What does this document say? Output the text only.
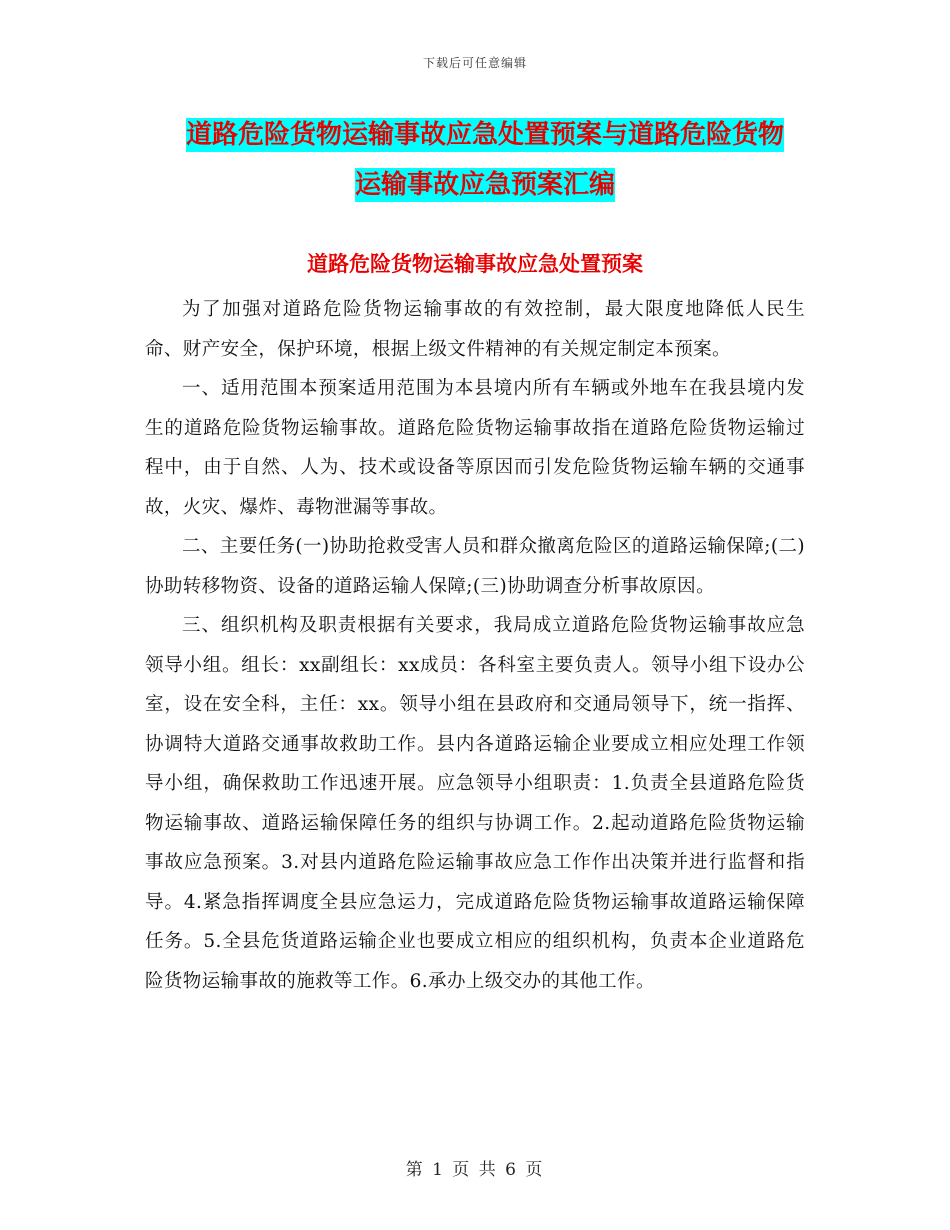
下载后可任意编辑
道路危险货物运输事故应急处置预案与道路危险货物
运输事故应急预案汇编
道路危险货物运输事故应急处置预案

为了加强对道路危险货物运输事故的有效控制，最大限度地降低人民生命、财产安全，保护环境，根据上级文件精神的有关规定制定本预案。

一、适用范围本预案适用范围为本县境内所有车辆或外地车在我县境内发生的道路危险货物运输事故。道路危险货物运输事故指在道路危险货物运输过程中，由于自然、人为、技术或设备等原因而引发危险货物运输车辆的交通事故，火灾、爆炸、毒物泄漏等事故。

二、主要任务(一)协助抢救受害人员和群众撤离危险区的道路运输保障;(二)协助转移物资、设备的道路运输人保障;(三)协助调查分析事故原因。

三、组织机构及职责根据有关要求，我局成立道路危险货物运输事故应急领导小组。组长：xx副组长：xx成员：各科室主要负责人。领导小组下设办公室，设在安全科，主任：xx。领导小组在县政府和交通局领导下，统一指挥、协调特大道路交通事故救助工作。县内各道路运输企业要成立相应处理工作领导小组，确保救助工作迅速开展。应急领导小组职责：1.负责全县道路危险货物运输事故、道路运输保障任务的组织与协调工作。2.起动道路危险货物运输事故应急预案。3.对县内道路危险运输事故应急工作作出决策并进行监督和指导。4.紧急指挥调度全县应急运力，完成道路危险货物运输事故道路运输保障任务。5.全县危货道路运输企业也要成立相应的组织机构，负责本企业道路危险货物运输事故的施救等工作。6.承办上级交办的其他工作。

第 1 页 共 6 页
